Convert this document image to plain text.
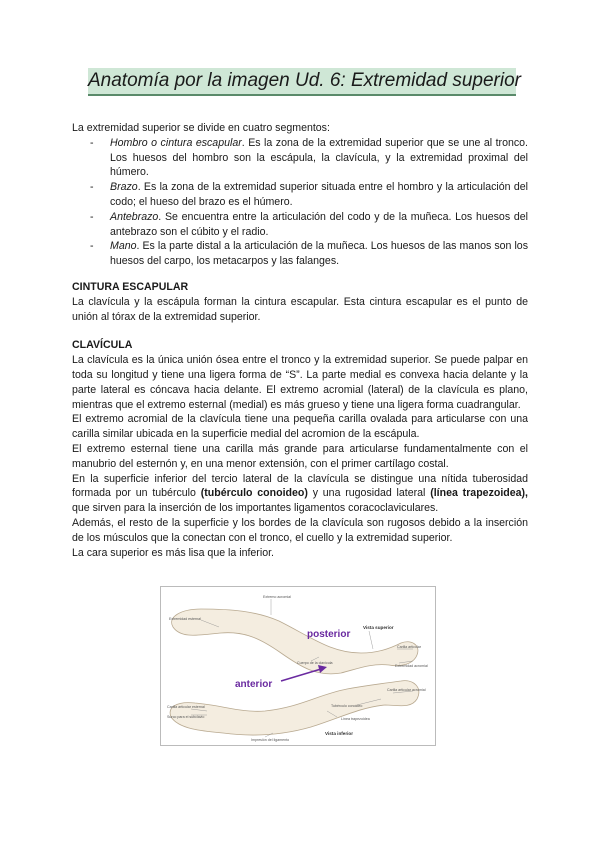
Anatomía por la imagen Ud. 6: Extremidad superior

La extremidad superior se divide en cuatro segmentos:

- Hombro o cintura escapular. Es la zona de la extremidad superior que se une al tronco. Los huesos del hombro son la escápula, la clavícula, y la extremidad proximal del húmero.
- Brazo. Es la zona de la extremidad superior situada entre el hombro y la articulación del codo; el hueso del brazo es el húmero.
- Antebrazo. Se encuentra entre la articulación del codo y de la muñeca. Los huesos del antebrazo son el cúbito y el radio.
- Mano. Es la parte distal a la articulación de la muñeca. Los huesos de las manos son los huesos del carpo, los metacarpos y las falanges.

CINTURA ESCAPULAR

La clavícula y la escápula forman la cintura escapular. Esta cintura escapular es el punto de unión al tórax de la extremidad superior.

CLAVÍCULA

La clavícula es la única unión ósea entre el tronco y la extremidad superior. Se puede palpar en toda su longitud y tiene una ligera forma de “S”. La parte medial es convexa hacia delante y la parte lateral es cóncava hacia delante. El extremo acromial (lateral) de la clavícula es plano, mientras que el extremo esternal (medial) es más grueso y tiene una ligera forma cuadrangular.

El extremo acromial de la clavícula tiene una pequeña carilla ovalada para articularse con una carilla similar ubicada en la superficie medial del acromion de la escápula.

El extremo esternal tiene una carilla más grande para articularse fundamentalmente con el manubrio del esternón y, en una menor extensión, con el primer cartílago costal.

En la superficie inferior del tercio lateral de la clavícula se distingue una nítida tuberosidad formada por un tubérculo (tubérculo conoideo) y una rugosidad lateral (línea trapezoidea), que sirven para la inserción de los importantes ligamentos coracoclaviculares.

Además, el resto de la superficie y los bordes de la clavícula son rugosos debido a la inserción de los músculos que la conectan con el tronco, el cuello y la extremidad superior.

La cara superior es más lisa que la inferior.

posterior
anterior
Vista superior
Vista inferior
Extremo acromial
Extremidad esternal
Cuerpo de la clavícula
Carilla articular
Extremidad acromial
Carilla articular esternal
Surco para el subclavio	Línea trapezoidea
Tubérculo conoideo
Impresión del ligamento
Carilla articular acromial
